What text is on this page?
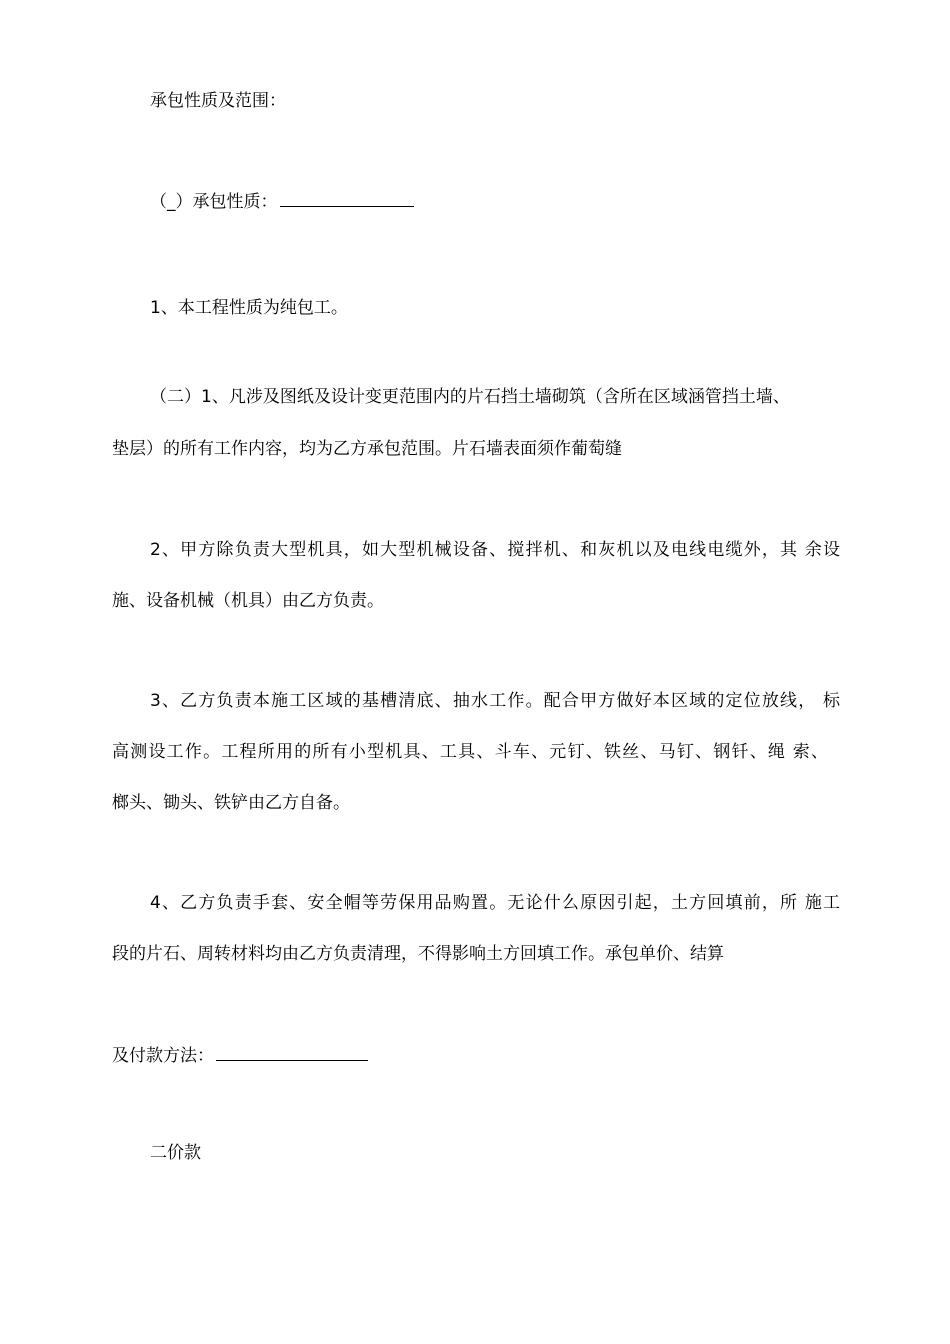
承包性质及范围：
（_）承包性质：
1、本工程性质为纯包工。
（二）1、凡涉及图纸及设计变更范围内的片石挡土墙砌筑（含所在区域涵管挡土墙、
垫层）的所有工作内容，均为乙方承包范围。片石墙表面须作葡萄缝
2、甲方除负责大型机具，如大型机械设备、搅拌机、和灰机以及电线电缆外，其 余设
施、设备机械（机具）由乙方负责。
3、乙方负责本施工区域的基槽清底、抽水工作。配合甲方做好本区域的定位放线， 标
高测设工作。工程所用的所有小型机具、工具、斗车、元钉、铁丝、马钉、钢钎、绳 索、
榔头、锄头、铁铲由乙方自备。
4、乙方负责手套、安全帽等劳保用品购置。无论什么原因引起，土方回填前，所 施工
段的片石、周转材料均由乙方负责清理，不得影响土方回填工作。承包单价、结算
及付款方法：
二价款
